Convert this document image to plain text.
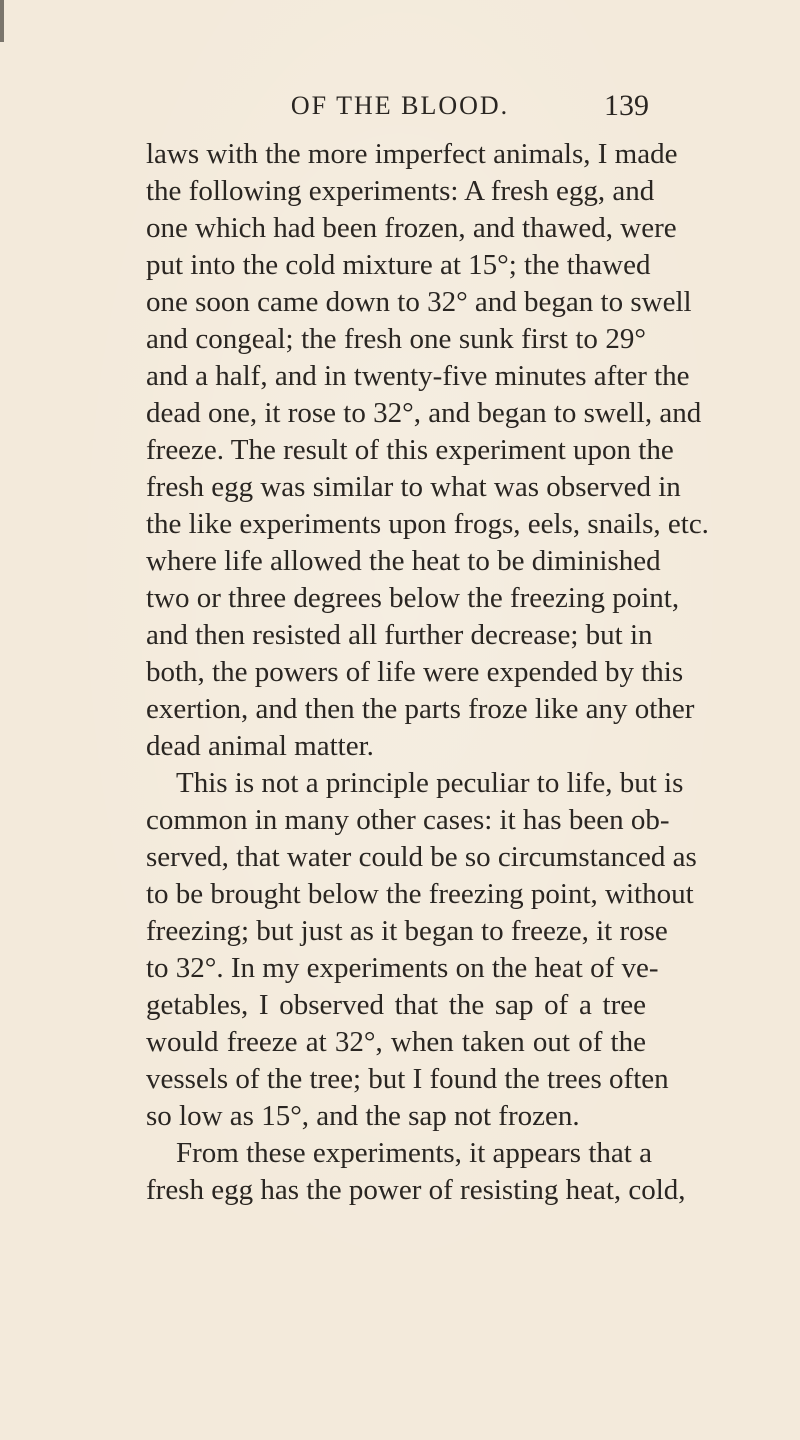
OF THE BLOOD.	139
laws with the more imperfect animals, I made
the following experiments: A fresh egg, and
one which had been frozen, and thawed, were
put into the cold mixture at 15°; the thawed
one soon came down to 32° and began to swell
and congeal; the fresh one sunk first to 29°
and a half, and in twenty-five minutes after the
dead one, it rose to 32°, and began to swell, and
freeze. The result of this experiment upon the
fresh egg was similar to what was observed in
the like experiments upon frogs, eels, snails, etc.
where life allowed the heat to be diminished
two or three degrees below the freezing point,
and then resisted all further decrease; but in
both, the powers of life were expended by this
exertion, and then the parts froze like any other
dead animal matter.
This is not a principle peculiar to life, but is
common in many other cases: it has been ob-
served, that water could be so circumstanced as
to be brought below the freezing point, without
freezing; but just as it began to freeze, it rose
to 32°. In my experiments on the heat of ve-
getables, I observed that the sap of a tree
would freeze at 32°, when taken out of the
vessels of the tree; but I found the trees often
so low as 15°, and the sap not frozen.
From these experiments, it appears that a
fresh egg has the power of resisting heat, cold,
